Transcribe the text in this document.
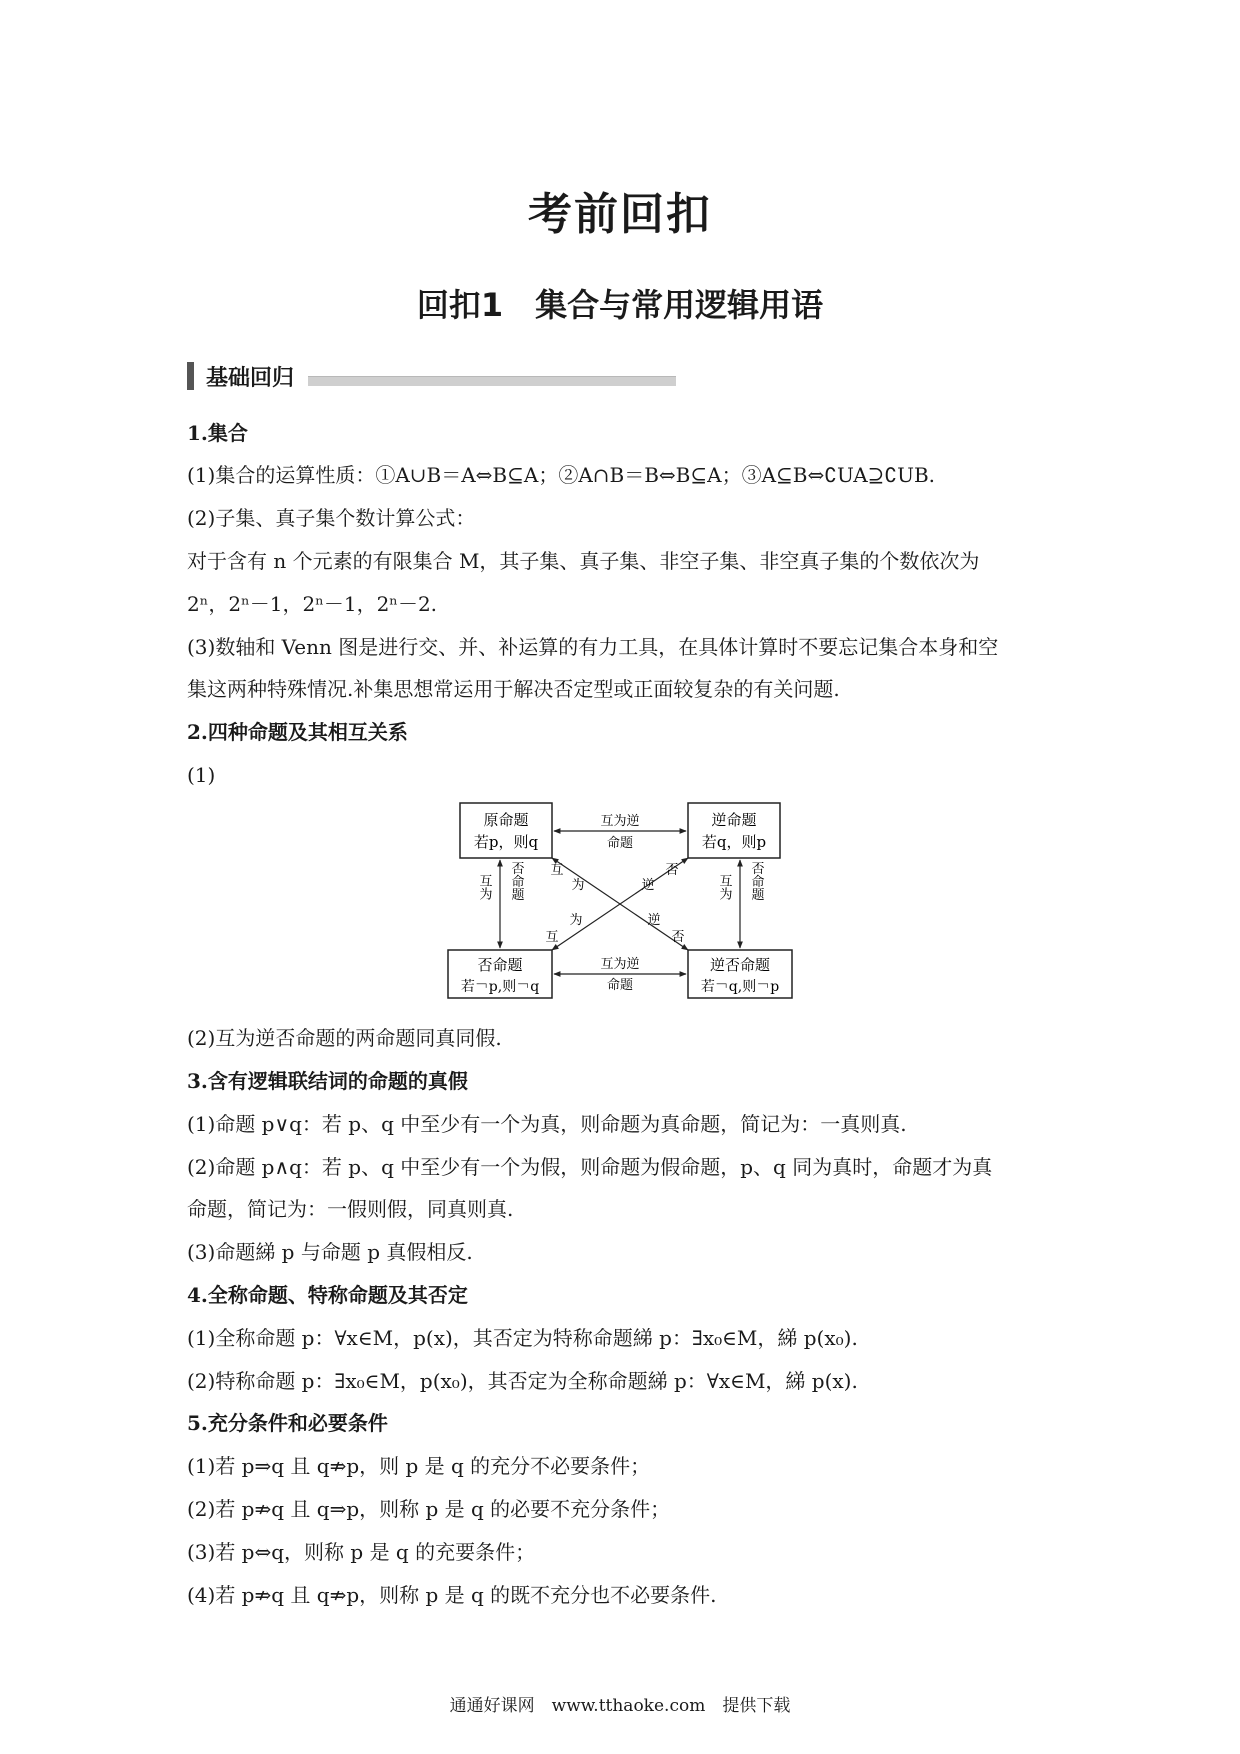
考前回扣
回扣1　集合与常用逻辑用语
基础回归
1.集合
(1)集合的运算性质：①A∪B＝A⇔B⊆A；②A∩B＝B⇔B⊆A；③A⊆B⇔∁UA⊇∁UB.
(2)子集、真子集个数计算公式：
对于含有 n 个元素的有限集合 M，其子集、真子集、非空子集、非空真子集的个数依次为
2ⁿ，2ⁿ－1，2ⁿ－1，2ⁿ－2.
(3)数轴和 Venn 图是进行交、并、补运算的有力工具，在具体计算时不要忘记集合本身和空
集这两种特殊情况.补集思想常运用于解决否定型或正面较复杂的有关问题.
2.四种命题及其相互关系
(1)
原命题
若p，则q
逆命题
若q，则p
否命题
若￢p,则￢q
逆否命题
若￢q,则￢p
互为逆
命题
互为逆
命题
互为 否命题	互为 否命题
互
为	逆
否
互
为	逆
否
(2)互为逆否命题的两命题同真同假.
3.含有逻辑联结词的命题的真假
(1)命题 p∨q：若 p、q 中至少有一个为真，则命题为真命题，简记为：一真则真.
(2)命题 p∧q：若 p、q 中至少有一个为假，则命题为假命题，p、q 同为真时，命题才为真
命题，简记为：一假则假，同真则真.
(3)命题綈 p 与命题 p 真假相反.
4.全称命题、特称命题及其否定
(1)全称命题 p：∀x∈M，p(x)，其否定为特称命题綈 p：∃x₀∈M，綈 p(x₀).
(2)特称命题 p：∃x₀∈M，p(x₀)，其否定为全称命题綈 p：∀x∈M，綈 p(x).
5.充分条件和必要条件
(1)若 p⇒q 且 q⇏p，则 p 是 q 的充分不必要条件；
(2)若 p⇏q 且 q⇒p，则称 p 是 q 的必要不充分条件；
(3)若 p⇔q，则称 p 是 q 的充要条件；
(4)若 p⇏q 且 q⇏p，则称 p 是 q 的既不充分也不必要条件.
通通好课网　www.tthaoke.com　提供下载
